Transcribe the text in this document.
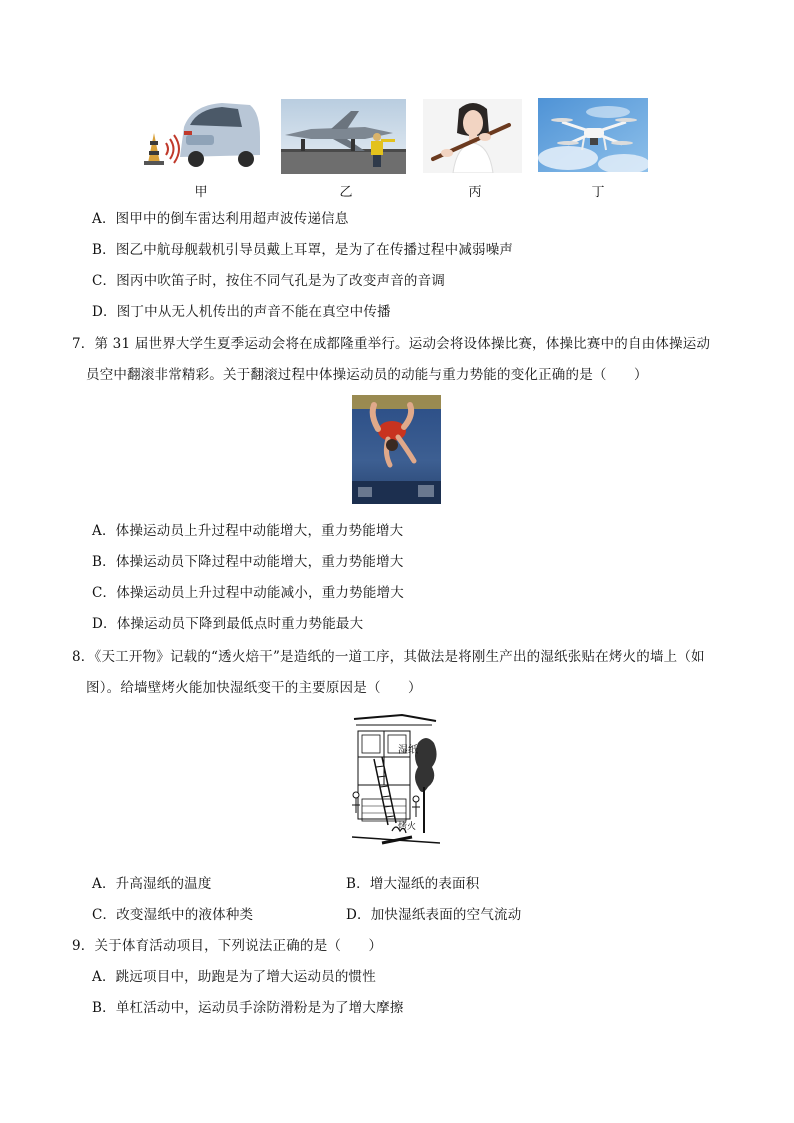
甲	乙	丙	丁
A．图甲中的倒车雷达利用超声波传递信息
B．图乙中航母舰载机引导员戴上耳罩，是为了在传播过程中减弱噪声
C．图丙中吹笛子时，按住不同气孔是为了改变声音的音调
D．图丁中从无人机传出的声音不能在真空中传播
7．第 31 届世界大学生夏季运动会将在成都隆重举行。运动会将设体操比赛，体操比赛中的自由体操运动
员空中翻滚非常精彩。关于翻滚过程中体操运动员的动能与重力势能的变化正确的是（　　）
A．体操运动员上升过程中动能增大，重力势能增大
B．体操运动员下降过程中动能增大，重力势能增大
C．体操运动员上升过程中动能减小，重力势能增大
D．体操运动员下降到最低点时重力势能最大
8．《天工开物》记载的“透火焙干”是造纸的一道工序，其做法是将刚生产出的湿纸张贴在烤火的墙上（如
图）。给墙壁烤火能加快湿纸变干的主要原因是（　　）
湿纸
烤火
A．升高湿纸的温度	B．增大湿纸的表面积
C．改变湿纸中的液体种类	D．加快湿纸表面的空气流动
9．关于体育活动项目，下列说法正确的是（　　）
A．跳远项目中，助跑是为了增大运动员的惯性
B．单杠活动中，运动员手涂防滑粉是为了增大摩擦
